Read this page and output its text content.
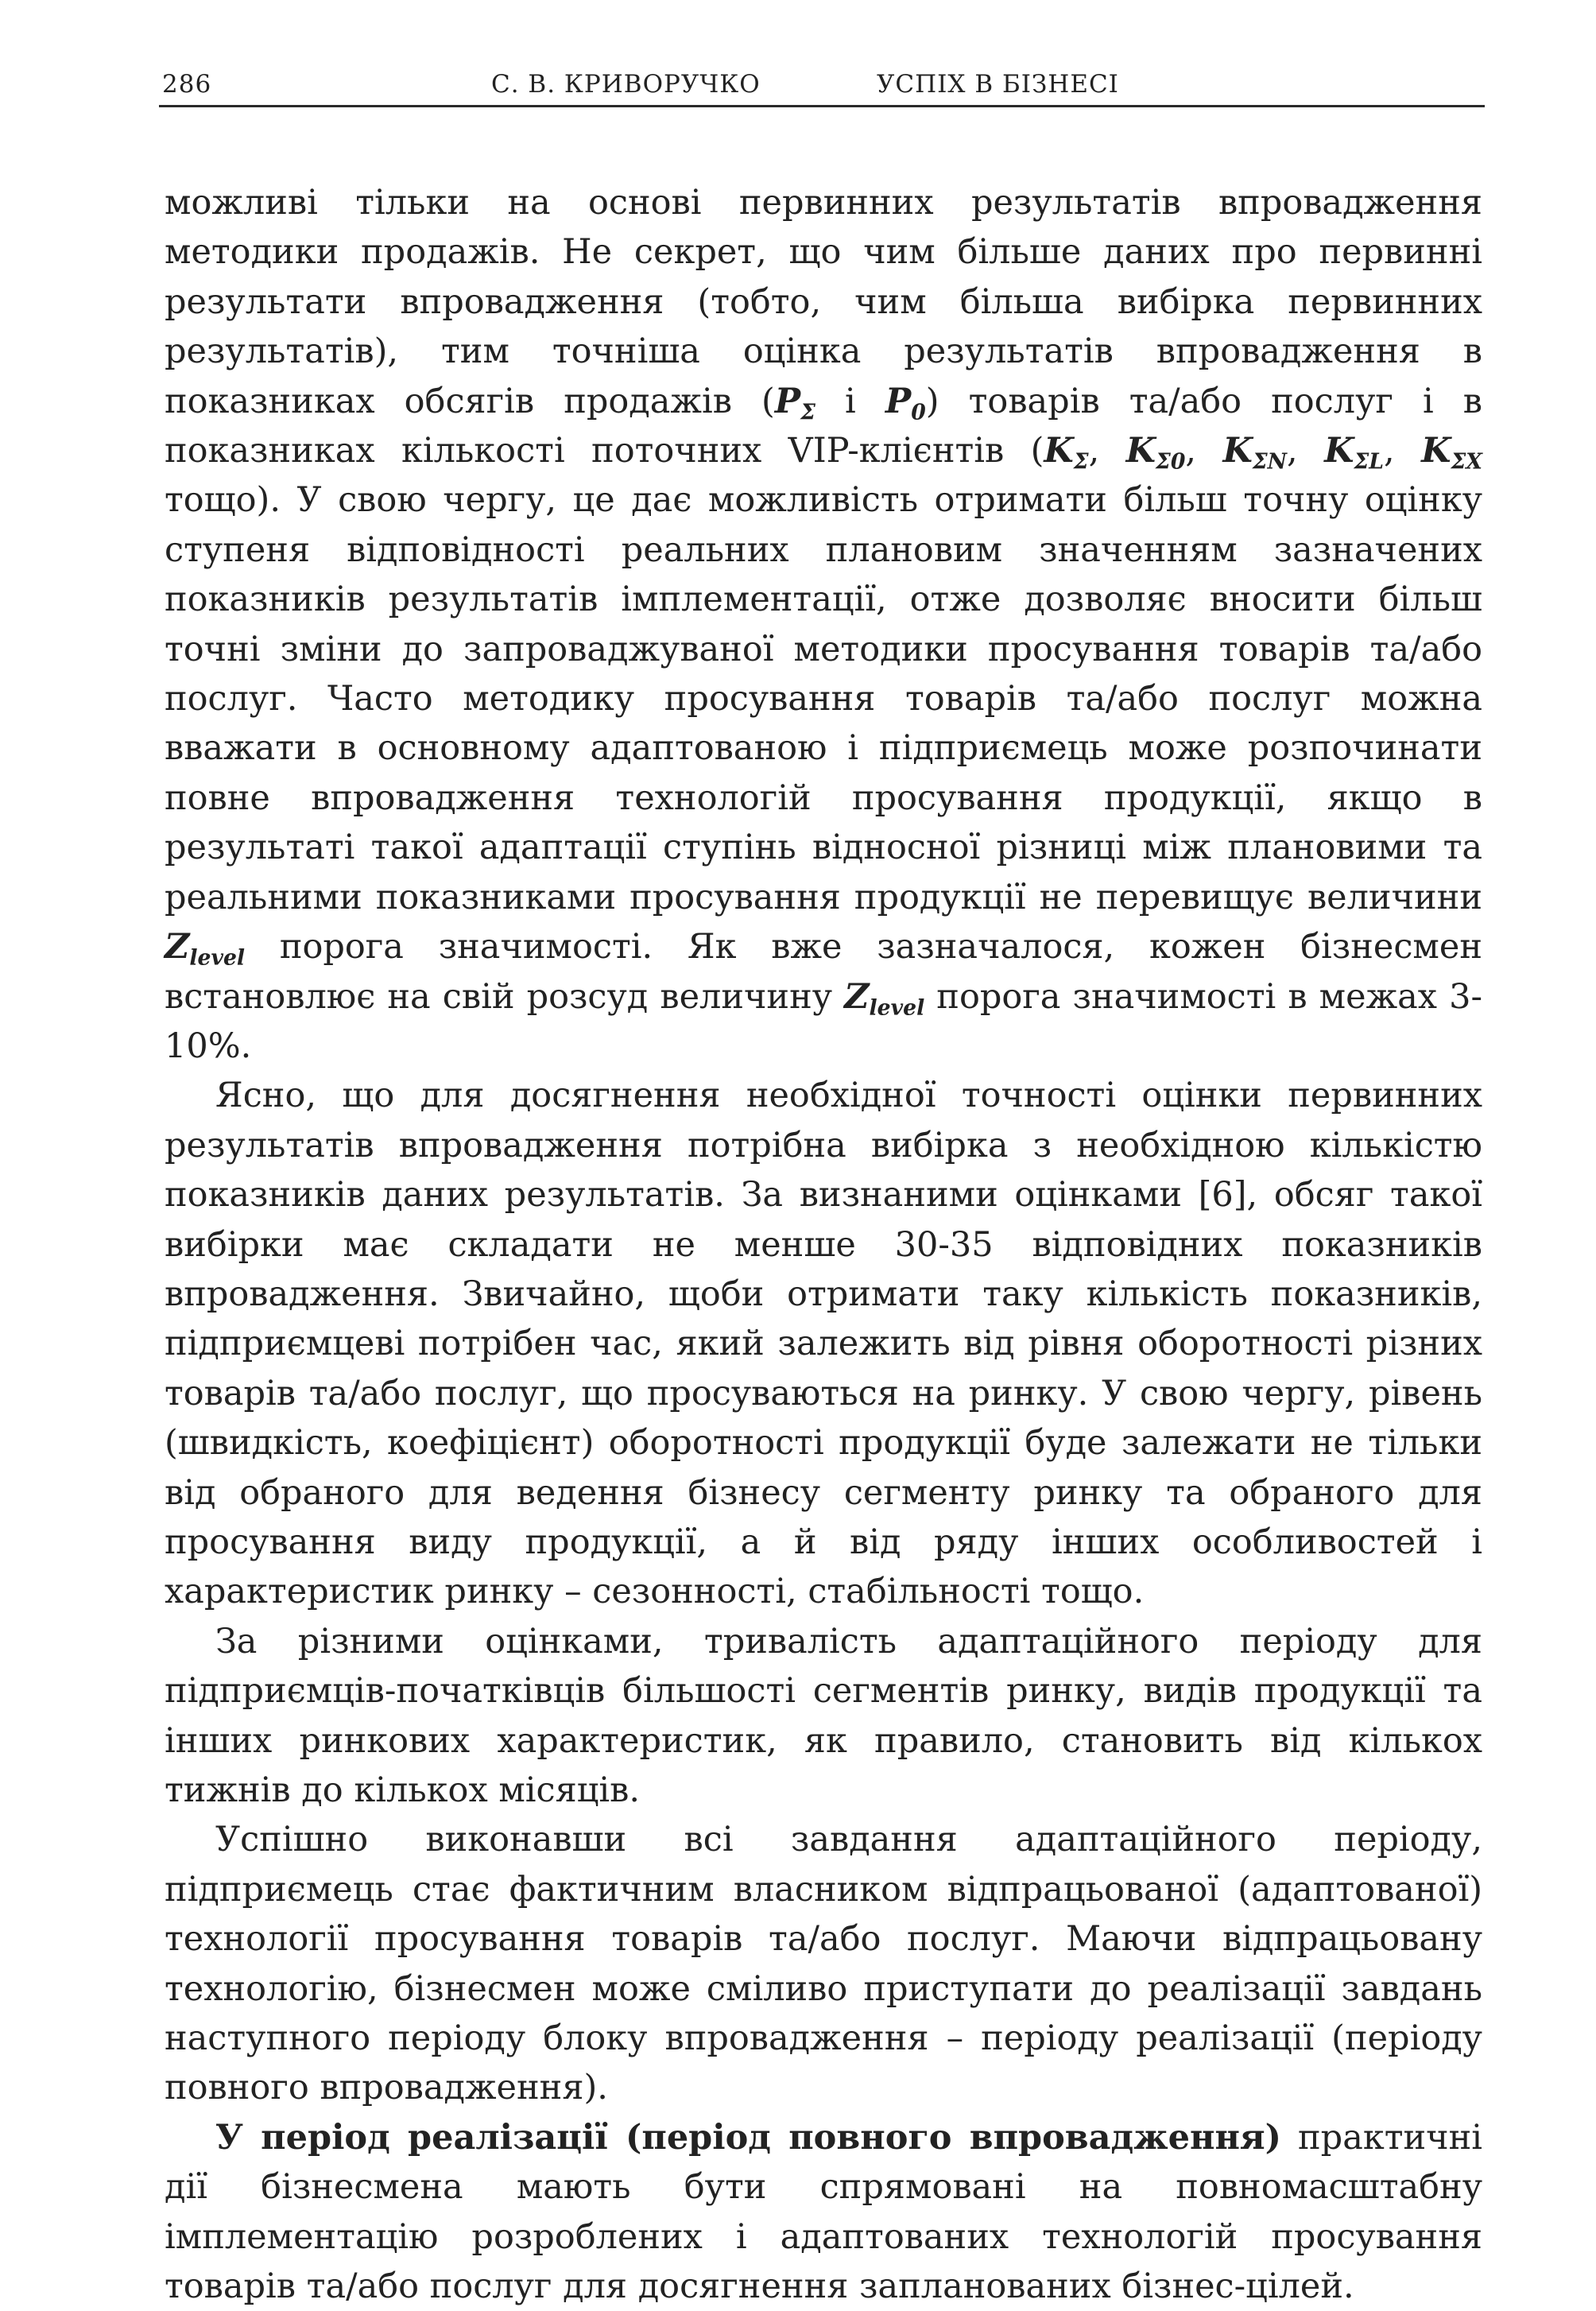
286	С. В. КРИВОРУЧКО	УСПІХ В БІЗНЕСІ

можливі тільки на основі первинних результатів впровадження методики продажів. Не секрет, що чим більше даних про первинні результати впровадження (тобто, чим більша вибірка первинних результатів), тим точніша оцінка результатів впровадження в показниках обсягів продажів ($P_\Sigma$ і $P_0$) товарів та/або послуг і в показниках кількості поточних VIP-клієнтів ($K_\Sigma$, $K_{\Sigma 0}$, $K_{\Sigma N}$, $K_{\Sigma L}$, $K_{\Sigma X}$ тощо). У свою чергу, це дає можливість отримати більш точну оцінку ступеня відповідності реальних плановим значенням зазначених показників результатів імплементації, отже дозволяє вносити більш точні зміни до запроваджуваної методики просування товарів та/або послуг. Часто методику просування товарів та/або послуг можна вважати в основному адаптованою і підприємець може розпочинати повне впровадження технологій просування продукції, якщо в результаті такої адаптації ступінь відносної різниці між плановими та реальними показниками просування продукції не перевищує величини $Z_{level}$ порога значимості. Як вже зазначалося, кожен бізнесмен встановлює на свій розсуд величину $Z_{level}$ порога значимості в межах 3-10%.

Ясно, що для досягнення необхідної точності оцінки первинних результатів впровадження потрібна вибірка з необхідною кількістю показників даних результатів. За визнаними оцінками [6], обсяг такої вибірки має складати не менше 30-35 відповідних показників впровадження. Звичайно, щоби отримати таку кількість показників, підприємцеві потрібен час, який залежить від рівня оборотності різних товарів та/або послуг, що просуваються на ринку. У свою чергу, рівень (швидкість, коефіцієнт) оборотності продукції буде залежати не тільки від обраного для ведення бізнесу сегменту ринку та обраного для просування виду продукції, а й від ряду інших особливостей і характеристик ринку – сезонності, стабільності тощо.

За різними оцінками, тривалість адаптаційного періоду для підприємців-початківців більшості сегментів ринку, видів продукції та інших ринкових характеристик, як правило, становить від кількох тижнів до кількох місяців.

Успішно виконавши всі завдання адаптаційного періоду, підприємець стає фактичним власником відпрацьованої (адаптованої) технології просування товарів та/або послуг. Маючи відпрацьовану технологію, бізнесмен може сміливо приступати до реалізації завдань наступного періоду блоку впровадження – періоду реалізації (періоду повного впровадження).

У період реалізації (період повного впровадження) практичні дії бізнесмена мають бути спрямовані на повномасштабну імплементацію розроблених і адаптованих технологій просування товарів та/або послуг для досягнення запланованих бізнес-цілей.
